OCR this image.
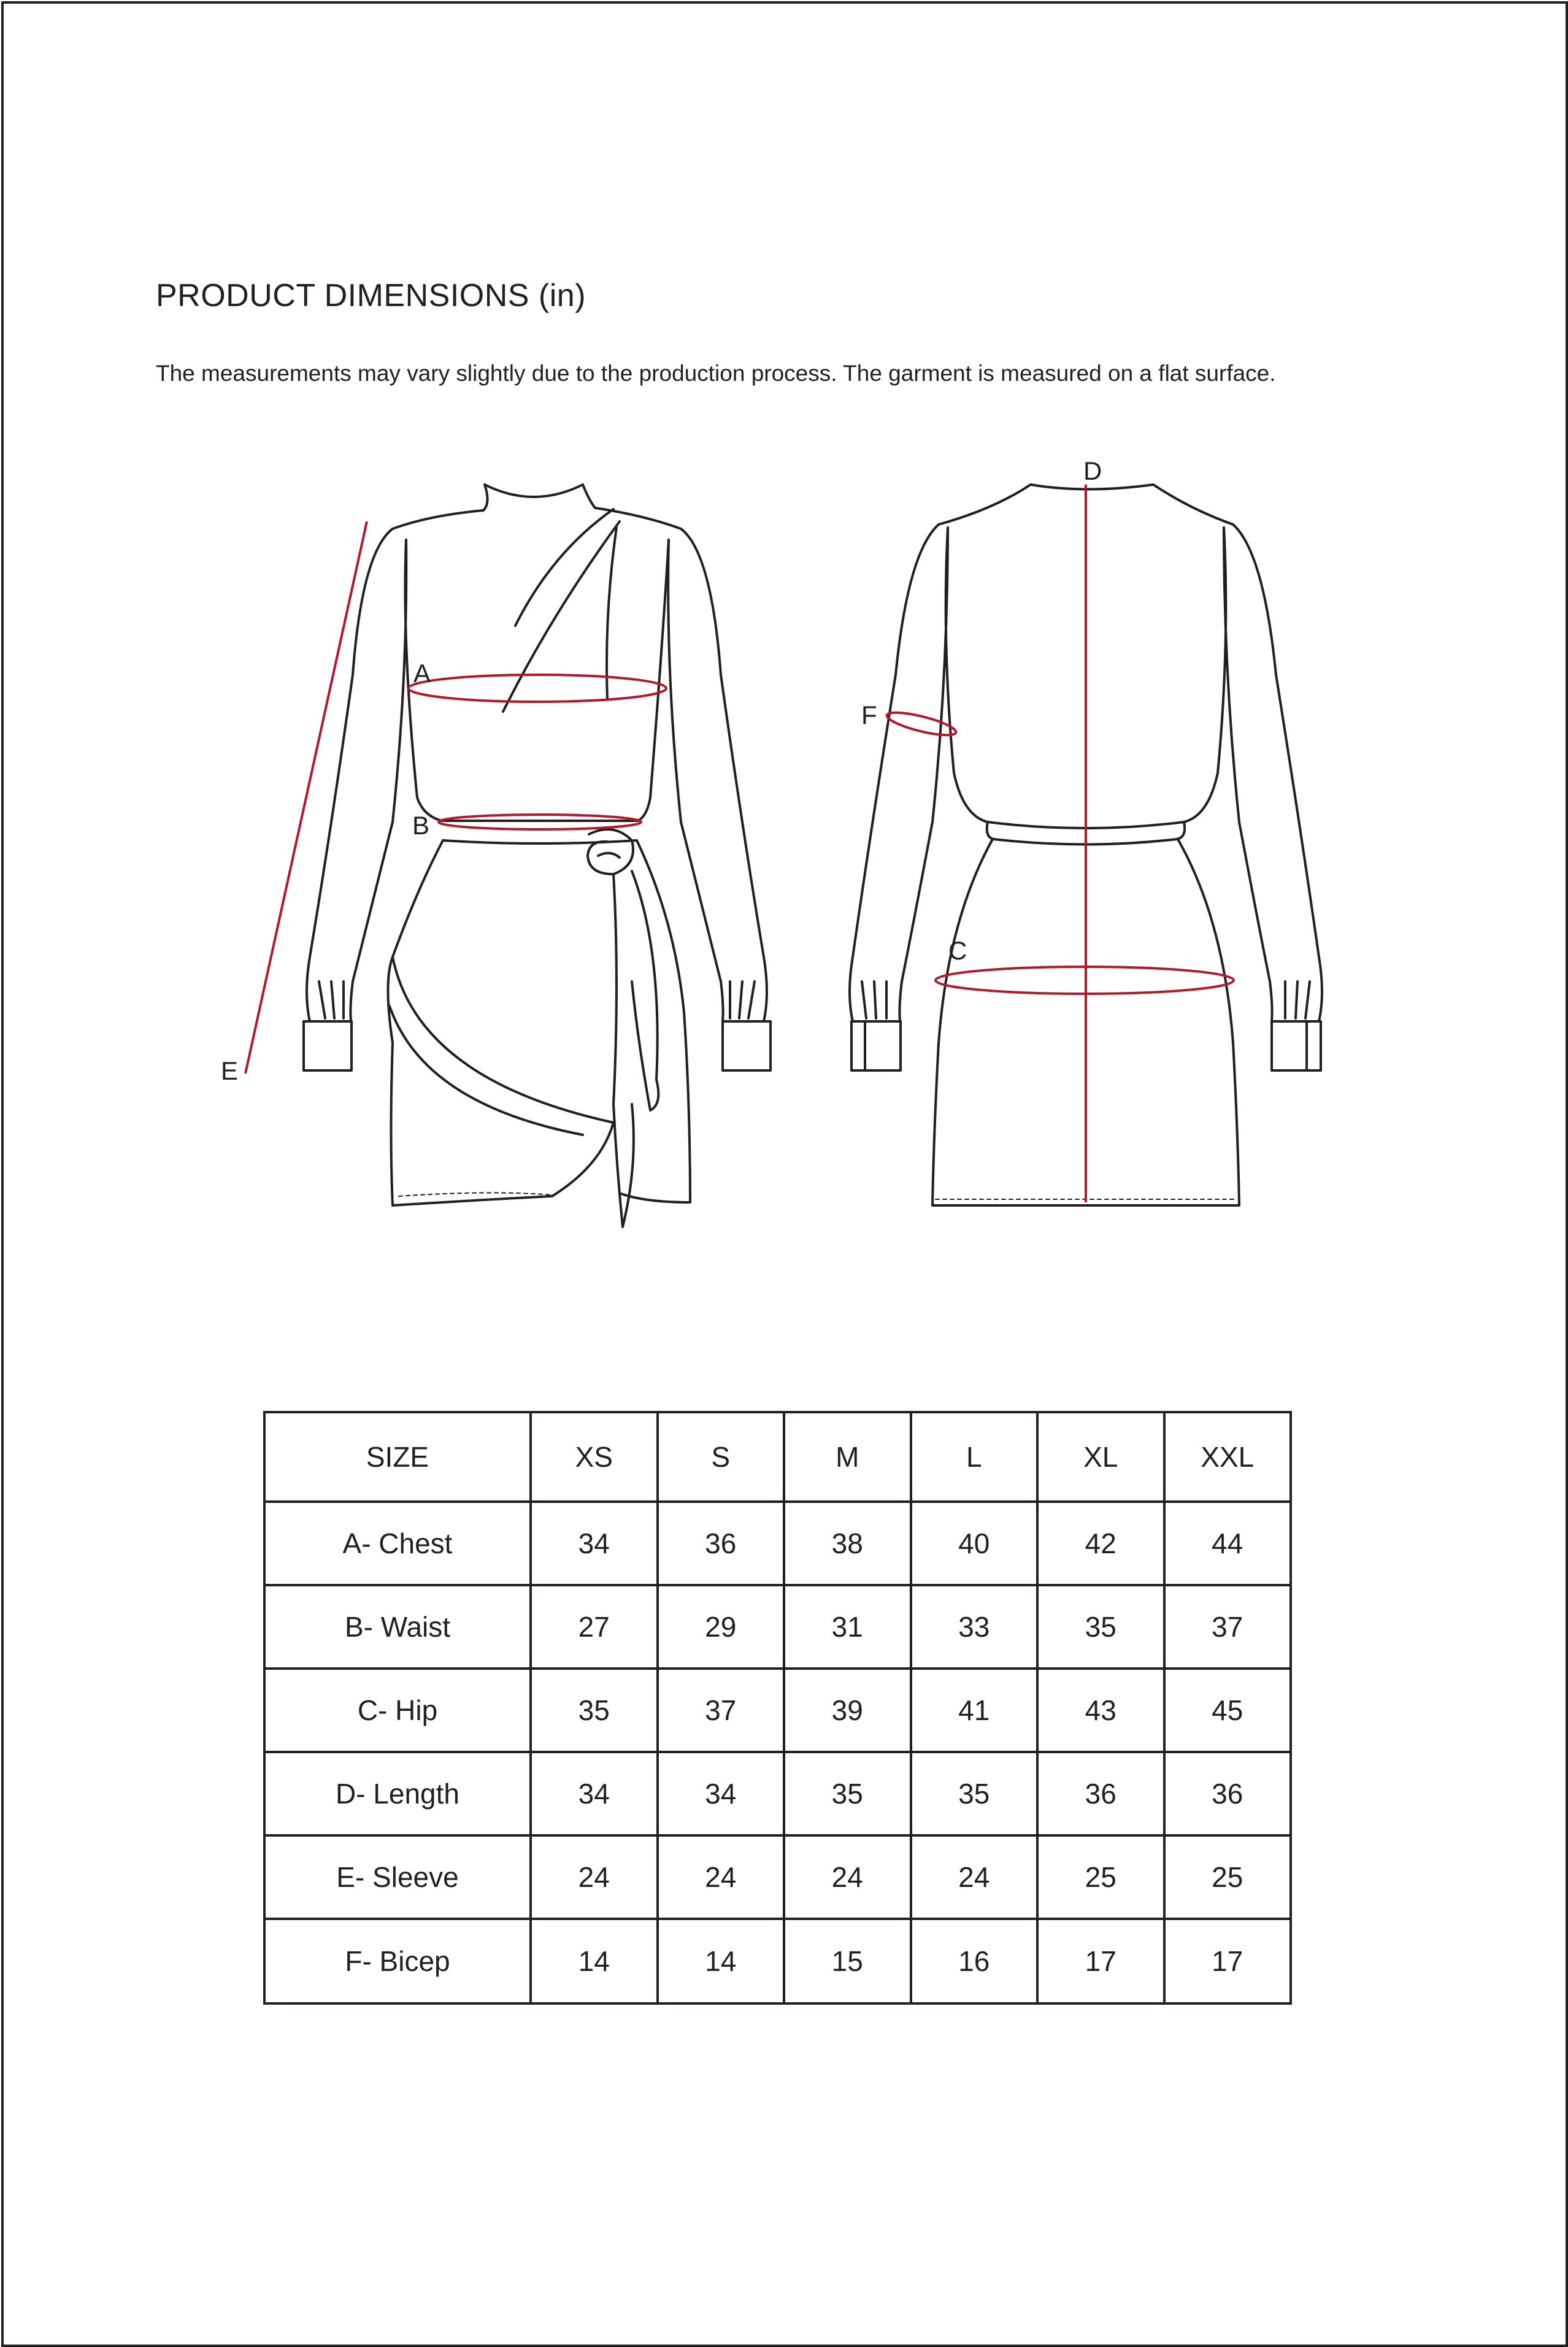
PRODUCT DIMENSIONS (in)
The measurements may vary slightly due to the production process. The garment is measured on a flat surface.
A
B
E
D
F
C
SIZE	XS	S	M	L	XL	XXL
A- Chest	34	36	38	40	42	44
B- Waist	27	29	31	33	35	37
C- Hip	35	37	39	41	43	45
D- Length	34	34	35	35	36	36
E- Sleeve	24	24	24	24	25	25
F- Bicep	14	14	15	16	17	17
